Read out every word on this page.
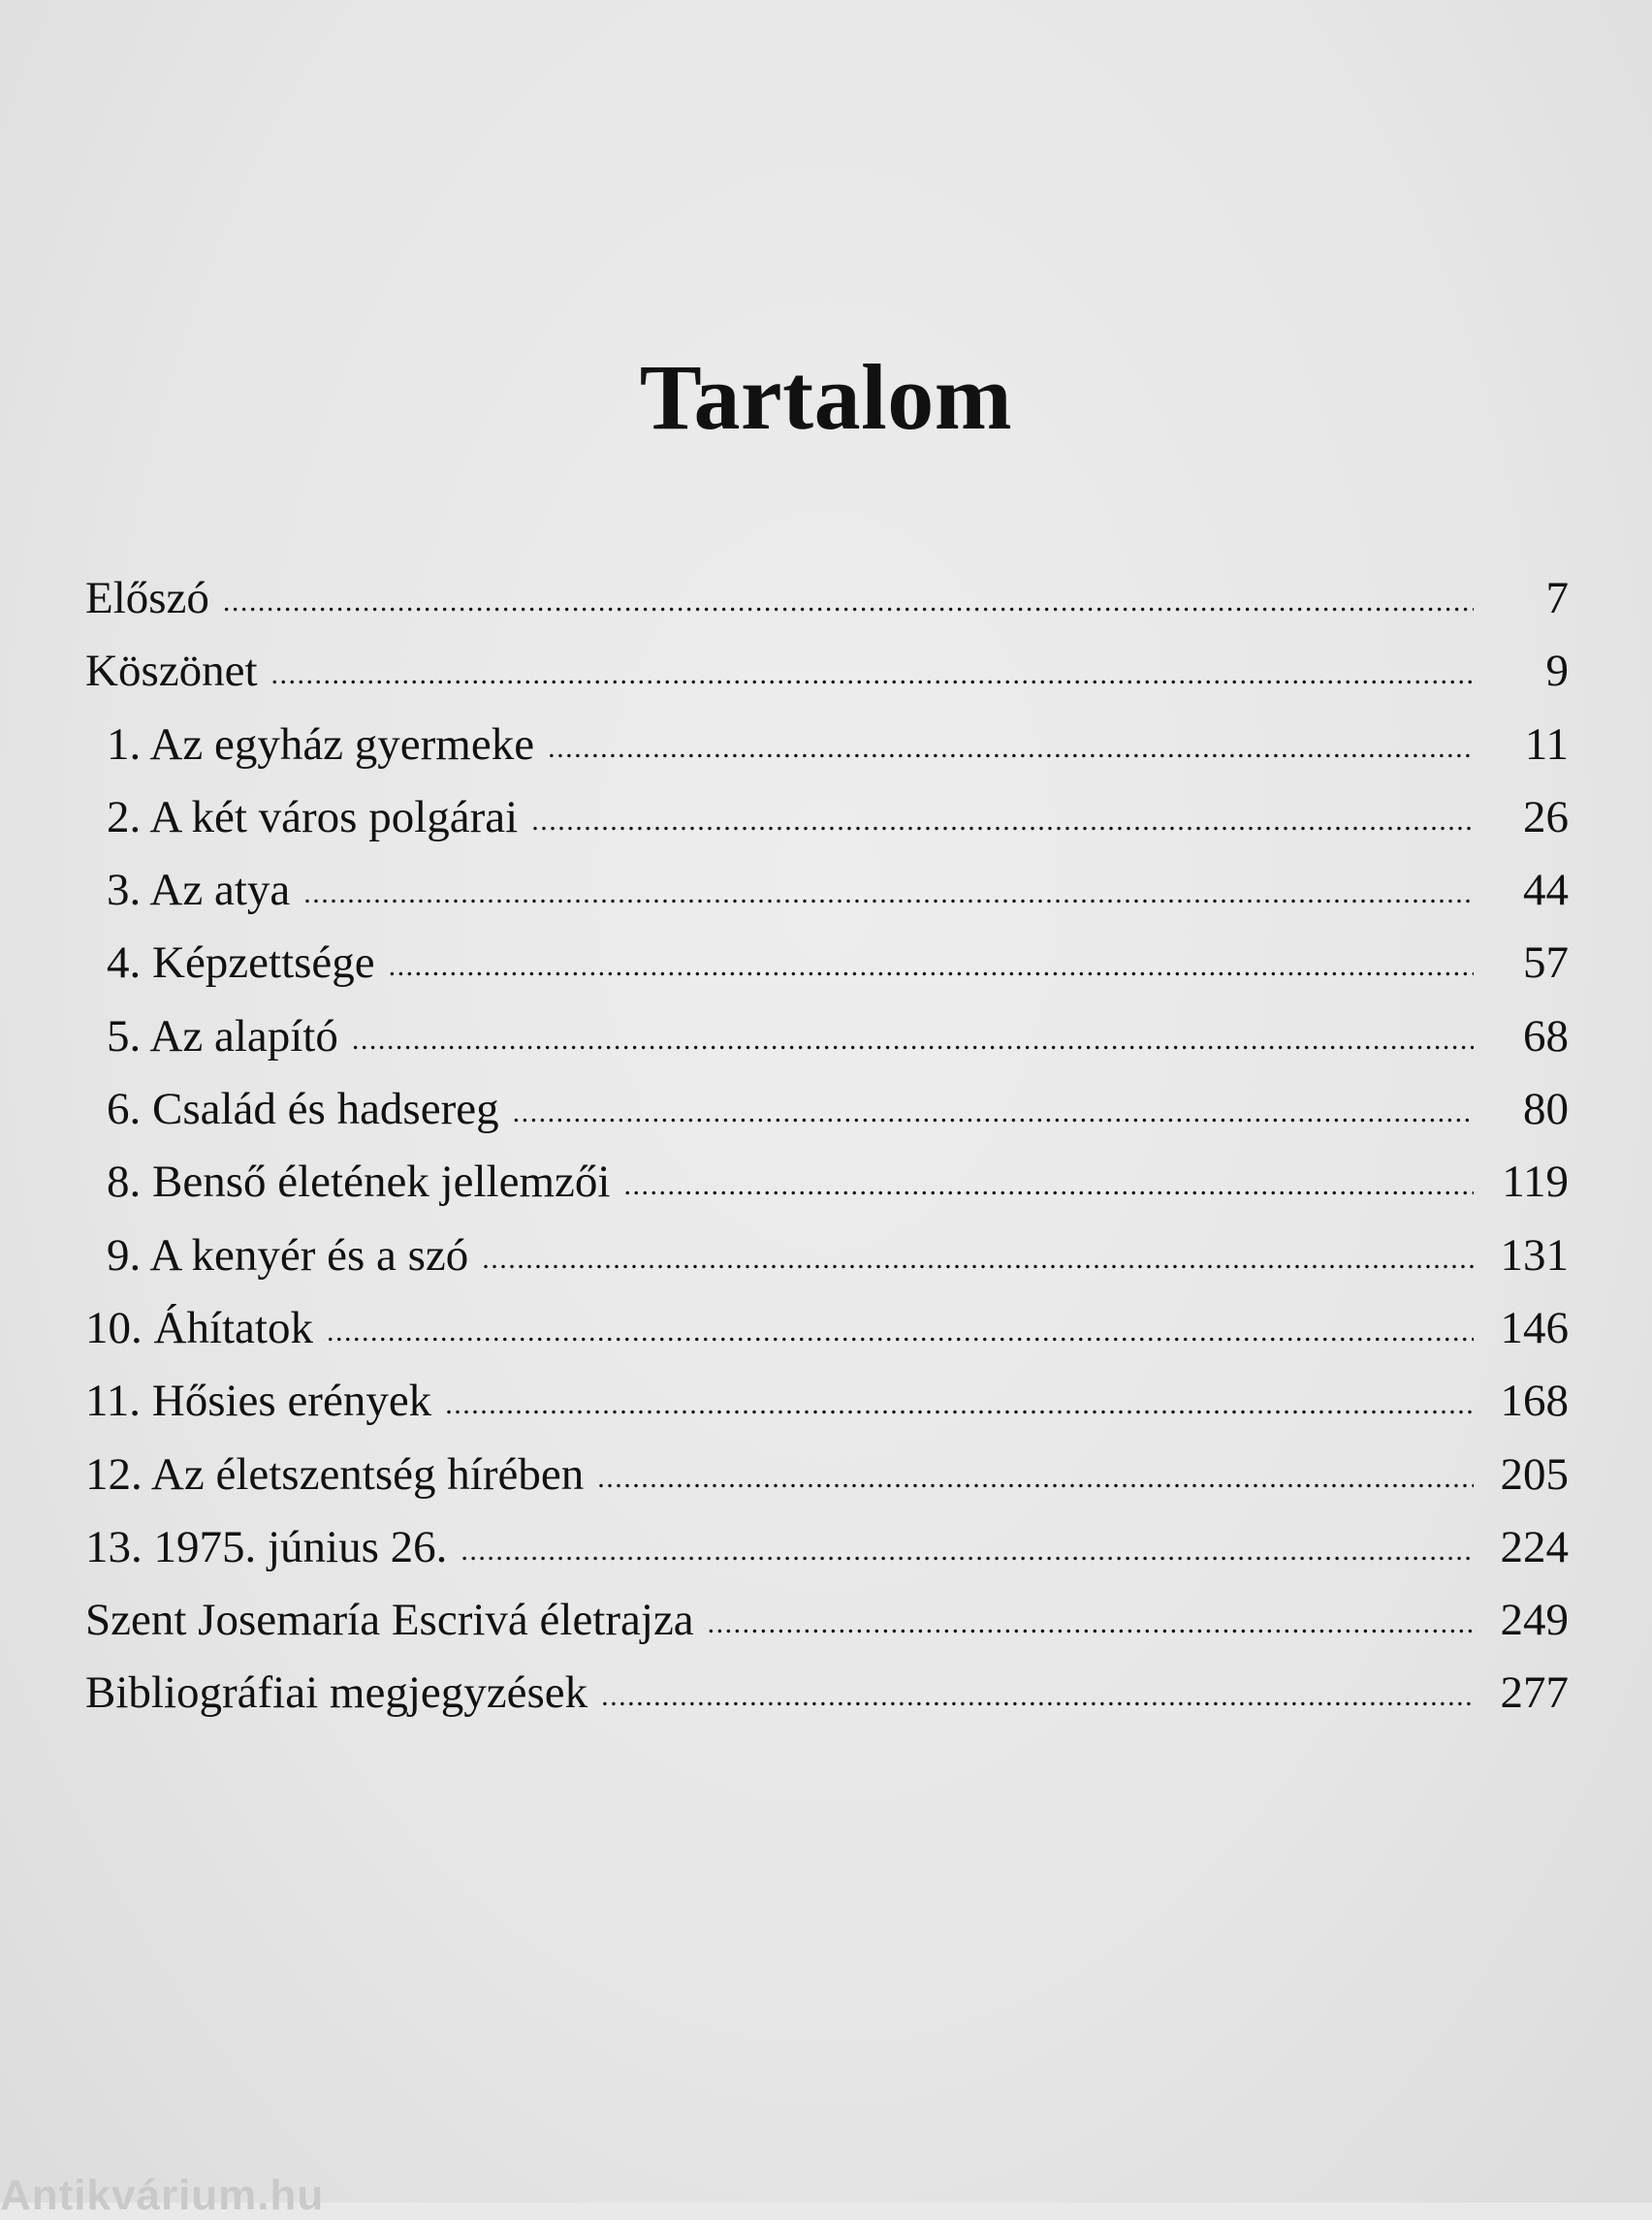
Tartalom
Előszó .....	7
Köszönet .....	9
1. Az egyház gyermeke .....	11
2. A két város polgárai .....	26
3. Az atya .....	44
4. Képzettsége .....	57
5. Az alapító .....	68
6. Család és hadsereg .....	80
8. Benső életének jellemzői .....	119
9. A kenyér és a szó .....	131
10. Áhítatok .....	146
11. Hősies erények .....	168
12. Az életszentség hírében .....	205
13. 1975. június 26. .....	224
Szent Josemaría Escrivá életrajza .....	249
Bibliográfiai megjegyzések .....	277
Antikvárium.hu
